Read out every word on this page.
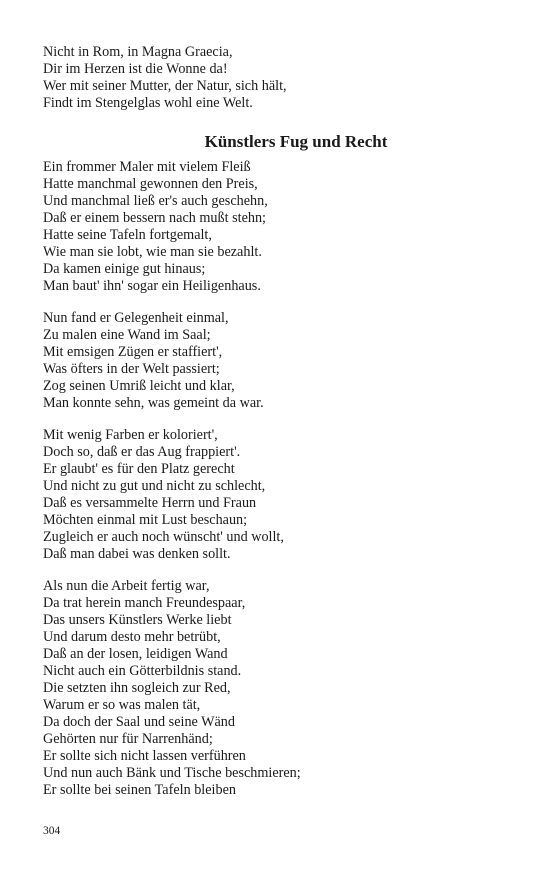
Nicht in Rom, in Magna Graecia,
Dir im Herzen ist die Wonne da!
Wer mit seiner Mutter, der Natur, sich hält,
Findt im Stengelglas wohl eine Welt.
Künstlers Fug und Recht
Ein frommer Maler mit vielem Fleiß
Hatte manchmal gewonnen den Preis,
Und manchmal ließ er's auch geschehn,
Daß er einem bessern nach mußt stehn;
Hatte seine Tafeln fortgemalt,
Wie man sie lobt, wie man sie bezahlt.
Da kamen einige gut hinaus;
Man baut' ihn' sogar ein Heiligenhaus.
Nun fand er Gelegenheit einmal,
Zu malen eine Wand im Saal;
Mit emsigen Zügen er staffiert',
Was öfters in der Welt passiert;
Zog seinen Umriß leicht und klar,
Man konnte sehn, was gemeint da war.
Mit wenig Farben er koloriert',
Doch so, daß er das Aug frappiert'.
Er glaubt' es für den Platz gerecht
Und nicht zu gut und nicht zu schlecht,
Daß es versammelte Herrn und Fraun
Möchten einmal mit Lust beschaun;
Zugleich er auch noch wünscht' und wollt,
Daß man dabei was denken sollt.
Als nun die Arbeit fertig war,
Da trat herein manch Freundespaar,
Das unsers Künstlers Werke liebt
Und darum desto mehr betrübt,
Daß an der losen, leidigen Wand
Nicht auch ein Götterbildnis stand.
Die setzten ihn sogleich zur Red,
Warum er so was malen tät,
Da doch der Saal und seine Wänd
Gehörten nur für Narrenhänd;
Er sollte sich nicht lassen verführen
Und nun auch Bänk und Tische beschmieren;
Er sollte bei seinen Tafeln bleiben
304
